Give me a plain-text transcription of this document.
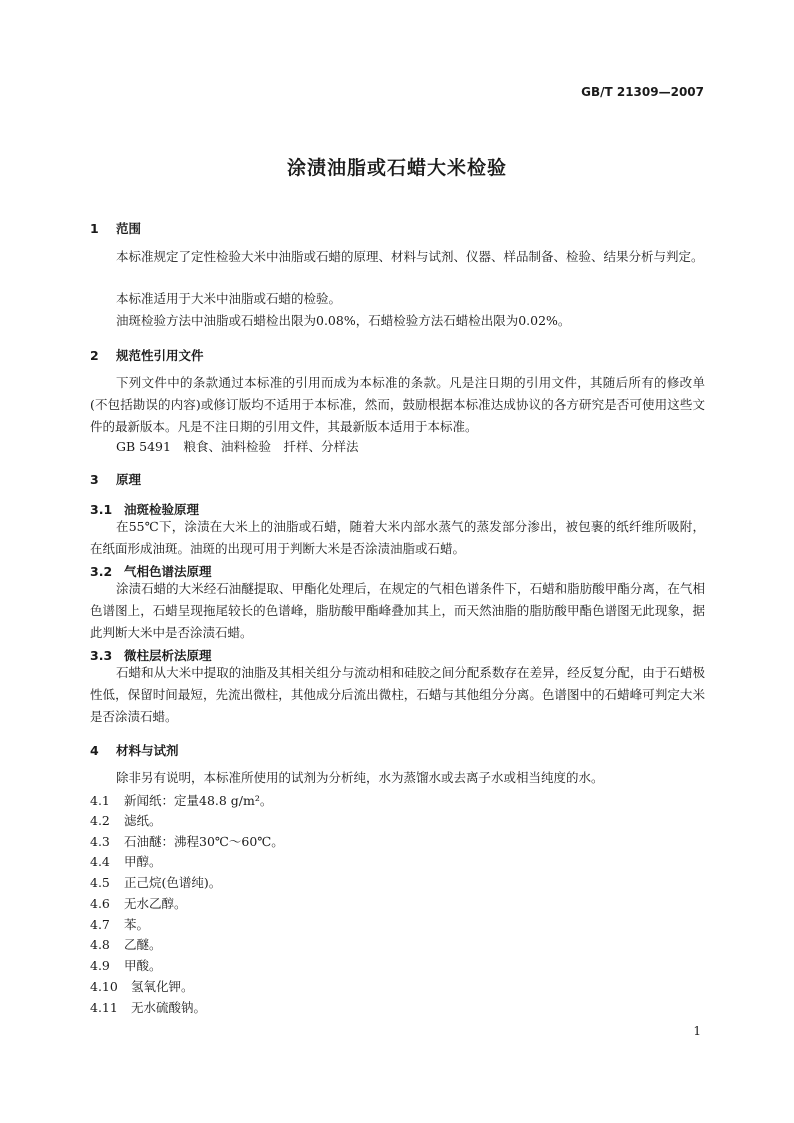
GB/T 21309—2007
涂渍油脂或石蜡大米检验
1 范围

本标准规定了定性检验大米中油脂或石蜡的原理、材料与试剂、仪器、样品制备、检验、结果分析与判定。

本标准适用于大米中油脂或石蜡的检验。

油斑检验方法中油脂或石蜡检出限为0.08%，石蜡检验方法石蜡检出限为0.02%。

2 规范性引用文件

下列文件中的条款通过本标准的引用而成为本标准的条款。凡是注日期的引用文件，其随后所有的修改单(不包括勘误的内容)或修订版均不适用于本标准，然而，鼓励根据本标准达成协议的各方研究是否可使用这些文件的最新版本。凡是不注日期的引用文件，其最新版本适用于本标准。

GB 5491　粮食、油料检验　扦样、分样法

3 原理
3.1 油斑检验原理

在55℃下，涂渍在大米上的油脂或石蜡，随着大米内部水蒸气的蒸发部分渗出，被包裹的纸纤维所吸附，在纸面形成油斑。油斑的出现可用于判断大米是否涂渍油脂或石蜡。

3.2 气相色谱法原理

涂渍石蜡的大米经石油醚提取、甲酯化处理后，在规定的气相色谱条件下，石蜡和脂肪酸甲酯分离，在气相色谱图上，石蜡呈现拖尾较长的色谱峰，脂肪酸甲酯峰叠加其上，而天然油脂的脂肪酸甲酯色谱图无此现象，据此判断大米中是否涂渍石蜡。

3.3 微柱层析法原理

石蜡和从大米中提取的油脂及其相关组分与流动相和硅胶之间分配系数存在差异，经反复分配，由于石蜡极性低，保留时间最短，先流出微柱，其他成分后流出微柱，石蜡与其他组分分离。色谱图中的石蜡峰可判定大米是否涂渍石蜡。

4 材料与试剂

除非另有说明，本标准所使用的试剂为分析纯，水为蒸馏水或去离子水或相当纯度的水。

4.1 新闻纸：定量48.8 g/m²。
4.2 滤纸。
4.3 石油醚：沸程30℃～60℃。
4.4 甲醇。
4.5 正己烷(色谱纯)。
4.6 无水乙醇。
4.7 苯。
4.8 乙醚。
4.9 甲酸。
4.10 氢氧化钾。
4.11 无水硫酸钠。
1
